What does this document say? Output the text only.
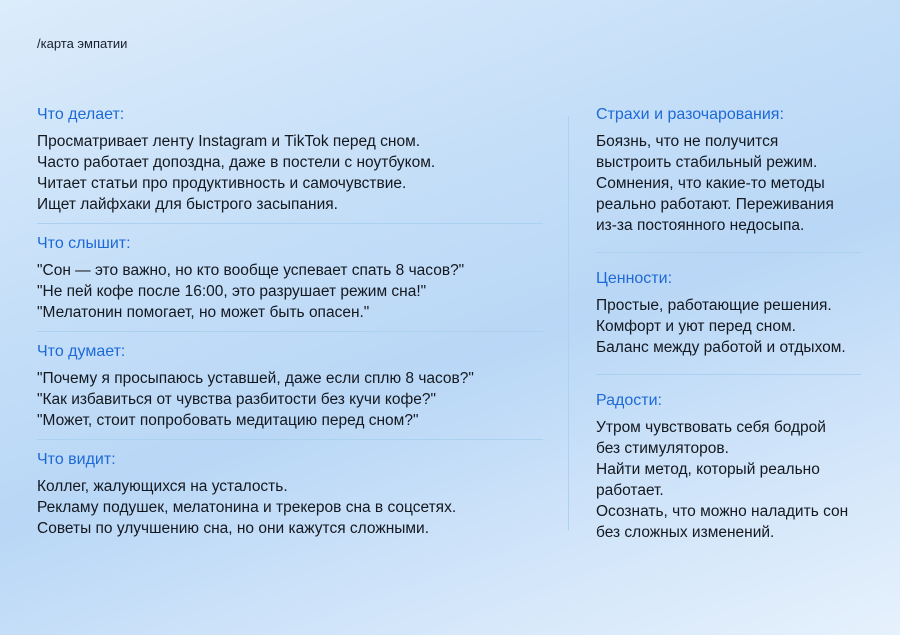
/карта эмпатии
Что делает:
Просматривает ленту Instagram и TikTok перед сном.
Часто работает допоздна, даже в постели с ноутбуком.
Читает статьи про продуктивность и самочувствие.
Ищет лайфхаки для быстрого засыпания.
Что слышит:
"Сон — это важно, но кто вообще успевает спать 8 часов?"
"Не пей кофе после 16:00, это разрушает режим сна!"
"Мелатонин помогает, но может быть опасен."
Что думает:
"Почему я просыпаюсь уставшей, даже если сплю 8 часов?"
"Как избавиться от чувства разбитости без кучи кофе?"
"Может, стоит попробовать медитацию перед сном?"
Что видит:
Коллег, жалующихся на усталость.
Рекламу подушек, мелатонина и трекеров сна в соцсетях.
Советы по улучшению сна, но они кажутся сложными.
Страхи и разочарования:
Боязнь, что не получится
выстроить стабильный режим.
Сомнения, что какие-то методы
реально работают. Переживания
из-за постоянного недосыпа.
Ценности:
Простые, работающие решения.
Комфорт и уют перед сном.
Баланс между работой и отдыхом.
Радости:
Утром чувствовать себя бодрой
без стимуляторов.
Найти метод, который реально
работает.
Осознать, что можно наладить сон
без сложных изменений.
